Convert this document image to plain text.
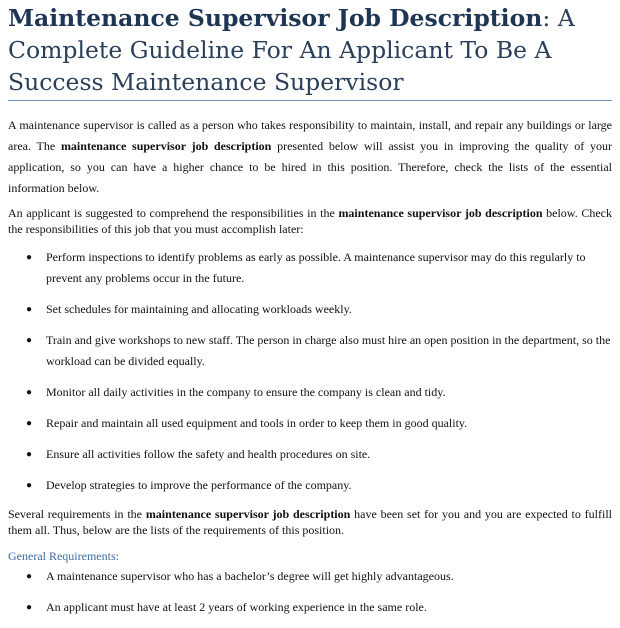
Maintenance Supervisor Job Description: A Complete Guideline For An Applicant To Be A Success Maintenance Supervisor

A maintenance supervisor is called as a person who takes responsibility to maintain, install, and repair any buildings or large area. The maintenance supervisor job description presented below will assist you in improving the quality of your application, so you can have a higher chance to be hired in this position. Therefore, check the lists of the essential information below.

An applicant is suggested to comprehend the responsibilities in the maintenance supervisor job description below. Check the responsibilities of this job that you must accomplish later:

● Perform inspections to identify problems as early as possible. A maintenance supervisor may do this regularly to prevent any problems occur in the future.
● Set schedules for maintaining and allocating workloads weekly.
● Train and give workshops to new staff. The person in charge also must hire an open position in the department, so the workload can be divided equally.
● Monitor all daily activities in the company to ensure the company is clean and tidy.
● Repair and maintain all used equipment and tools in order to keep them in good quality.
● Ensure all activities follow the safety and health procedures on site.
● Develop strategies to improve the performance of the company.

Several requirements in the maintenance supervisor job description have been set for you and you are expected to fulfill them all. Thus, below are the lists of the requirements of this position.

General Requirements:
● A maintenance supervisor who has a bachelor’s degree will get highly advantageous.
● An applicant must have at least 2 years of working experience in the same role.
